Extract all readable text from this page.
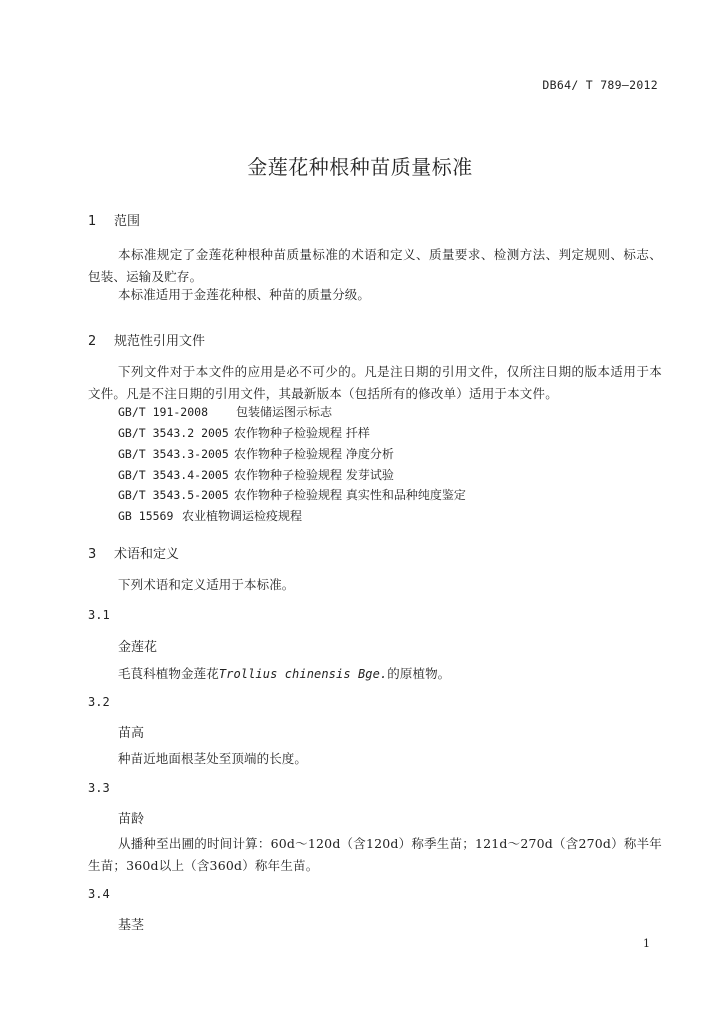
DB64/ T 789—2012
金莲花种根种苗质量标准
1 范围
本标准规定了金莲花种根种苗质量标准的术语和定义、质量要求、检测方法、判定规则、标志、包装、运输及贮存。
本标准适用于金莲花种根、种苗的质量分级。
2 规范性引用文件
下列文件对于本文件的应用是必不可少的。凡是注日期的引用文件，仅所注日期的版本适用于本文件。凡是不注日期的引用文件，其最新版本（包括所有的修改单）适用于本文件。
GB/T 191-2008 包装储运图示标志
GB/T 3543.2 2005 农作物种子检验规程 扦样
GB/T 3543.3-2005 农作物种子检验规程 净度分析
GB/T 3543.4-2005 农作物种子检验规程 发芽试验
GB/T 3543.5-2005 农作物种子检验规程 真实性和品种纯度鉴定
GB 15569 农业植物调运检疫规程
3 术语和定义
下列术语和定义适用于本标准。
3.1
金莲花
毛茛科植物金莲花Trollius chinensis Bge.的原植物。
3.2
苗高
种苗近地面根茎处至顶端的长度。
3.3
苗龄
从播种至出圃的时间计算：60d～120d（含120d）称季生苗；121d～270d（含270d）称半年生苗；360d以上（含360d）称年生苗。
3.4
基茎
1
